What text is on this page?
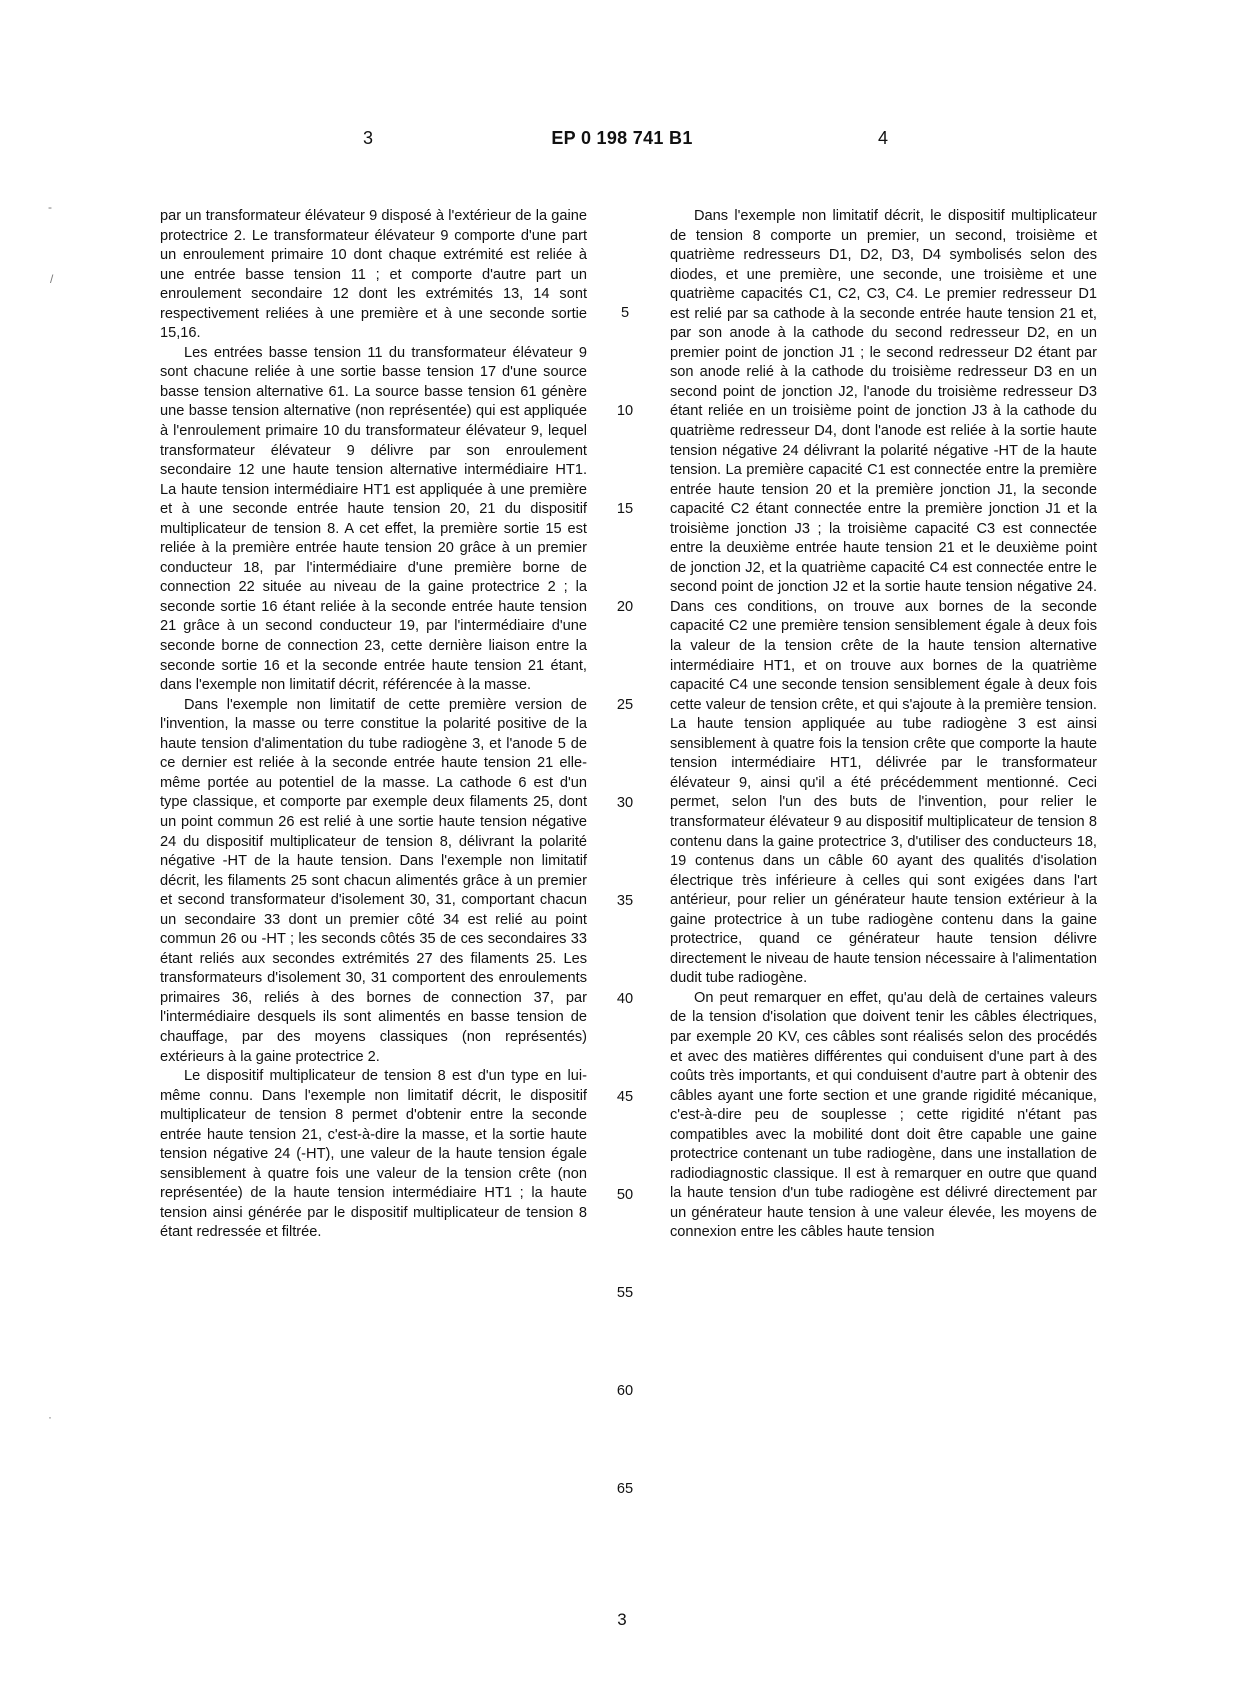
3	EP 0 198 741 B1	4
-
/
·

par un transformateur élévateur 9 disposé à l'extérieur de la gaine protectrice 2. Le transformateur élévateur 9 comporte d'une part un enroulement primaire 10 dont chaque extrémité est reliée à une entrée basse tension 11 ; et comporte d'autre part un enroulement secondaire 12 dont les extrémités 13, 14 sont respectivement reliées à une première et à une seconde sortie 15,16.

Les entrées basse tension 11 du transformateur élévateur 9 sont chacune reliée à une sortie basse tension 17 d'une source basse tension alternative 61. La source basse tension 61 génère une basse tension alternative (non représentée) qui est appliquée à l'enroulement primaire 10 du transformateur élévateur 9, lequel transformateur élévateur 9 délivre par son enroulement secondaire 12 une haute tension alternative intermédiaire HT1. La haute tension intermédiaire HT1 est appliquée à une première et à une seconde entrée haute tension 20, 21 du dispositif multiplicateur de tension 8. A cet effet, la première sortie 15 est reliée à la première entrée haute tension 20 grâce à un premier conducteur 18, par l'intermédiaire d'une première borne de connection 22 située au niveau de la gaine protectrice 2 ; la seconde sortie 16 étant reliée à la seconde entrée haute tension 21 grâce à un second conducteur 19, par l'intermédiaire d'une seconde borne de connection 23, cette dernière liaison entre la seconde sortie 16 et la seconde entrée haute tension 21 étant, dans l'exemple non limitatif décrit, référencée à la masse.

Dans l'exemple non limitatif de cette première version de l'invention, la masse ou terre constitue la polarité positive de la haute tension d'alimentation du tube radiogène 3, et l'anode 5 de ce dernier est reliée à la seconde entrée haute tension 21 elle-même portée au potentiel de la masse. La cathode 6 est d'un type classique, et comporte par exemple deux filaments 25, dont un point commun 26 est relié à une sortie haute tension négative 24 du dispositif multiplicateur de tension 8, délivrant la polarité négative -HT de la haute tension. Dans l'exemple non limitatif décrit, les filaments 25 sont chacun alimentés grâce à un premier et second transformateur d'isolement 30, 31, comportant chacun un secondaire 33 dont un premier côté 34 est relié au point commun 26 ou -HT ; les seconds côtés 35 de ces secondaires 33 étant reliés aux secondes extrémités 27 des filaments 25. Les transformateurs d'isolement 30, 31 comportent des enroulements primaires 36, reliés à des bornes de connection 37, par l'intermédiaire desquels ils sont alimentés en basse tension de chauffage, par des moyens classiques (non représentés) extérieurs à la gaine protectrice 2.

Le dispositif multiplicateur de tension 8 est d'un type en lui-même connu. Dans l'exemple non limitatif décrit, le dispositif multiplicateur de tension 8 permet d'obtenir entre la seconde entrée haute tension 21, c'est-à-dire la masse, et la sortie haute tension négative 24 (-HT), une valeur de la haute tension égale sensiblement à quatre fois une valeur de la tension crête (non représentée) de la haute tension intermédiaire HT1 ; la haute tension ainsi générée par le dispositif multiplicateur de tension 8 étant redressée et filtrée.

5
10
15
20
25
30
35
40
45
50
55
60
65

Dans l'exemple non limitatif décrit, le dispositif multiplicateur de tension 8 comporte un premier, un second, troisième et quatrième redresseurs D1, D2, D3, D4 symbolisés selon des diodes, et une première, une seconde, une troisième et une quatrième capacités C1, C2, C3, C4. Le premier redresseur D1 est relié par sa cathode à la seconde entrée haute tension 21 et, par son anode à la cathode du second redresseur D2, en un premier point de jonction J1 ; le second redresseur D2 étant par son anode relié à la cathode du troisième redresseur D3 en un second point de jonction J2, l'anode du troisième redresseur D3 étant reliée en un troisième point de jonction J3 à la cathode du quatrième redresseur D4, dont l'anode est reliée à la sortie haute tension négative 24 délivrant la polarité négative -HT de la haute tension. La première capacité C1 est connectée entre la première entrée haute tension 20 et la première jonction J1, la seconde capacité C2 étant connectée entre la première jonction J1 et la troisième jonction J3 ; la troisième capacité C3 est connectée entre la deuxième entrée haute tension 21 et le deuxième point de jonction J2, et la quatrième capacité C4 est connectée entre le second point de jonction J2 et la sortie haute tension négative 24. Dans ces conditions, on trouve aux bornes de la seconde capacité C2 une première tension sensiblement égale à deux fois la valeur de la tension crête de la haute tension alternative intermédiaire HT1, et on trouve aux bornes de la quatrième capacité C4 une seconde tension sensiblement égale à deux fois cette valeur de tension crête, et qui s'ajoute à la première tension. La haute tension appliquée au tube radiogène 3 est ainsi sensiblement à quatre fois la tension crête que comporte la haute tension intermédiaire HT1, délivrée par le transformateur élévateur 9, ainsi qu'il a été précédemment mentionné. Ceci permet, selon l'un des buts de l'invention, pour relier le transformateur élévateur 9 au dispositif multiplicateur de tension 8 contenu dans la gaine protectrice 3, d'utiliser des conducteurs 18, 19 contenus dans un câble 60 ayant des qualités d'isolation électrique très inférieure à celles qui sont exigées dans l'art antérieur, pour relier un générateur haute tension extérieur à la gaine protectrice à un tube radiogène contenu dans la gaine protectrice, quand ce générateur haute tension délivre directement le niveau de haute tension nécessaire à l'alimentation dudit tube radiogène.

On peut remarquer en effet, qu'au delà de certaines valeurs de la tension d'isolation que doivent tenir les câbles électriques, par exemple 20 KV, ces câbles sont réalisés selon des procédés et avec des matières différentes qui conduisent d'une part à des coûts très importants, et qui conduisent d'autre part à obtenir des câbles ayant une forte section et une grande rigidité mécanique, c'est-à-dire peu de souplesse ; cette rigidité n'étant pas compatibles avec la mobilité dont doit être capable une gaine protectrice contenant un tube radiogène, dans une installation de radiodiagnostic classique. Il est à remarquer en outre que quand la haute tension d'un tube radiogène est délivré directement par un générateur haute tension à une valeur élevée, les moyens de connexion entre les câbles haute tension

3
